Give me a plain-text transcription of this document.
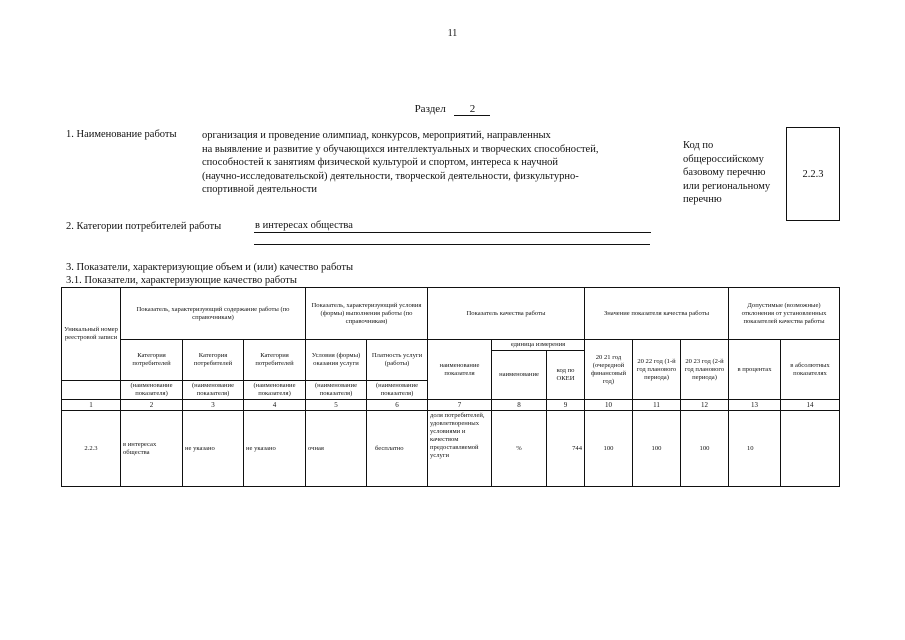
11
Раздел 2
1. Наименование работы организация и проведение олимпиад, конкурсов, мероприятий, направленных
на выявление и развитие у обучающихся интеллектуальных и творческих способностей,
способностей к занятиям физической культурой и спортом, интереса к научной
(научно-исследовательской) деятельности, творческой деятельности, физкультурно-
спортивной деятельности
Код по
общероссийскому
базовому перечню
или региональному
перечню
2.2.3
2. Категории потребителей работы	в интересах общества
3. Показатели, характеризующие объем и (или) качество работы
3.1. Показатели, характеризующие качество работы
Уникальный номер реестровой записи	Показатель, характеризующий содержание работы (по справочникам)			Показатель, характеризующий условия (формы) выполнения работы (по справочникам)		Показатель качества работы			Значение показателя качества работы			Допустимые (возможные) отклонения от установленных показателей качества работы	
	Категория потребителей	Категория потребителей	Категория потребителей	Условия (формы) оказания услуги	Платность услуги (работы)	наименование показателя	единица измерения		20 21 год (очередной финансовый год)	20 22 год (1-й год планового периода)	20 23 год (2-й год планового периода)	в процентах	в абсолютных показателях
							наименование	код по ОКЕИ					
	(наименование показателя)	(наименование показателя)	(наименование показателя)	(наименование показателя)	(наименование показателя)								
1	2	3	4	5	6	7	8	9	10	11	12	13	14
2.2.3	в интересах общества	не указано	не указано	очная	бесплатно	доля потребителей, удовлетворенных условиями и качеством предоставляемой услуги	%	744	100	100	100	10	
